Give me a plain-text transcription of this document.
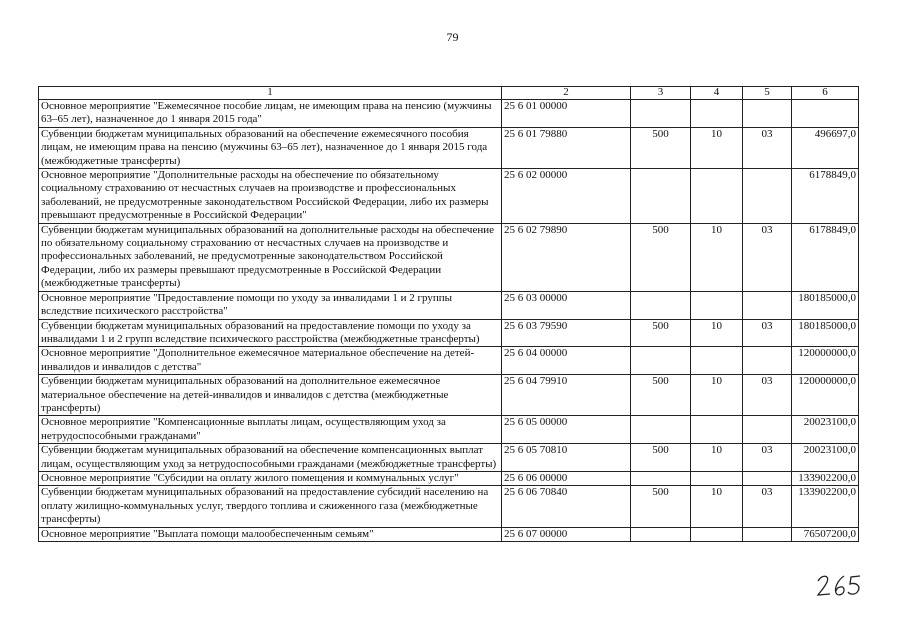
79
1	2	3	4	5	6
Основное мероприятие "Ежемесячное пособие лицам, не имеющим права на пенсию (мужчины 63–65 лет), назначенное до 1 января 2015 года"	25 6 01 00000				
Субвенции бюджетам муниципальных образований на обеспечение ежемесячного пособия лицам, не имеющим права на пенсию (мужчины 63–65 лет), назначенное до 1 января 2015 года (межбюджетные трансферты)	25 6 01 79880	500	10	03	496697,0
Основное мероприятие "Дополнительные расходы на обеспечение по обязательному социальному страхованию от несчастных случаев на производстве и профессиональных заболеваний, не предусмотренные законодательством Российской Федерации, либо их размеры превышают предусмотренные в Российской Федерации"	25 6 02 00000				6178849,0
Субвенции бюджетам муниципальных образований на дополнительные расходы на обеспечение по обязательному социальному страхованию от несчастных случаев на производстве и профессиональных заболеваний, не предусмотренные законодательством Российской Федерации, либо их размеры превышают предусмотренные в Российской Федерации (межбюджетные трансферты)	25 6 02 79890	500	10	03	6178849,0
Основное мероприятие "Предоставление помощи по уходу за инвалидами 1 и 2 группы вследствие психического расстройства"	25 6 03 00000				180185000,0
Субвенции бюджетам муниципальных образований на предоставление помощи по уходу за инвалидами 1 и 2 групп вследствие психического расстройства (межбюджетные трансферты)	25 6 03 79590	500	10	03	180185000,0
Основное мероприятие "Дополнительное ежемесячное материальное обеспечение на детей-инвалидов и инвалидов с детства"	25 6 04 00000				120000000,0
Субвенции бюджетам муниципальных образований на дополнительное ежемесячное материальное обеспечение на детей-инвалидов и инвалидов с детства (межбюджетные трансферты)	25 6 04 79910	500	10	03	120000000,0
Основное мероприятие "Компенсационные выплаты лицам, осуществляющим уход за нетрудоспособными гражданами"	25 6 05 00000				20023100,0
Субвенции бюджетам муниципальных образований на обеспечение компенсационных выплат лицам, осуществляющим уход за нетрудоспособными гражданами (межбюджетные трансферты)	25 6 05 70810	500	10	03	20023100,0
Основное мероприятие "Субсидии на оплату жилого помещения и коммунальных услуг"	25 6 06 00000				133902200,0
Субвенции бюджетам муниципальных образований на предоставление субсидий населению на оплату жилищно-коммунальных услуг, твердого топлива и сжиженного газа (межбюджетные трансферты)	25 6 06 70840	500	10	03	133902200,0
Основное мероприятие "Выплата помощи малообеспеченным семьям"	25 6 07 00000				76507200,0
